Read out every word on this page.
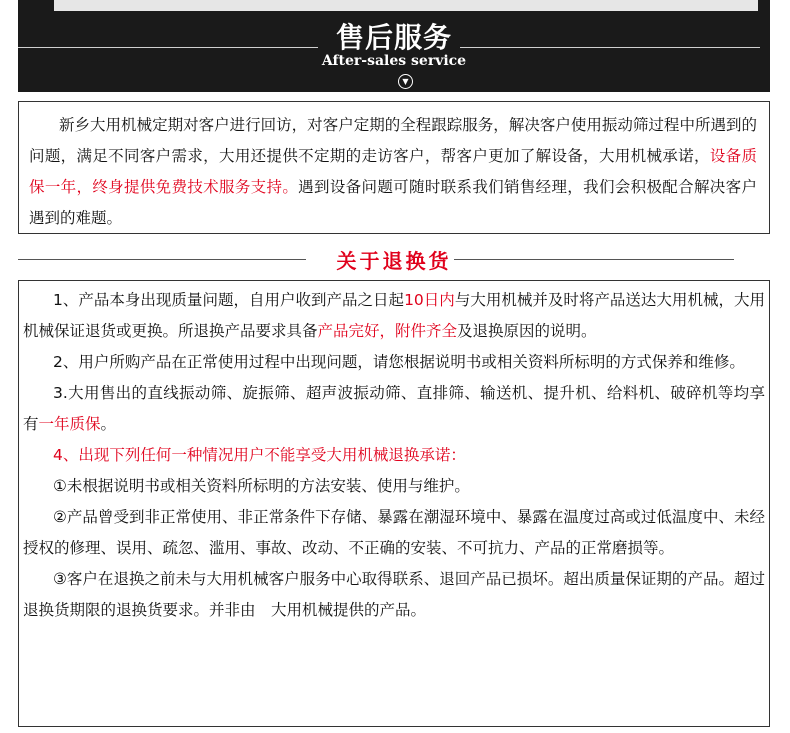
售后服务
After-sales service
▼

新乡大用机械定期对客户进行回访，对客户定期的全程跟踪服务，解决客户使用振动筛过程中所遇到的问题，满足不同客户需求，大用还提供不定期的走访客户，帮客户更加了解设备，大用机械承诺，设备质保一年，终身提供免费技术服务支持。遇到设备问题可随时联系我们销售经理，我们会积极配合解决客户遇到的难题。

关于退换货

1、产品本身出现质量问题，自用户收到产品之日起10日内与大用机械并及时将产品送达大用机械，大用机械保证退货或更换。所退换产品要求具备产品完好，附件齐全及退换原因的说明。

2、用户所购产品在正常使用过程中出现问题，请您根据说明书或相关资料所标明的方式保养和维修。

3.大用售出的直线振动筛、旋振筛、超声波振动筛、直排筛、输送机、提升机、给料机、破碎机等均享有一年质保。

4、出现下列任何一种情况用户不能享受大用机械退换承诺：

①未根据说明书或相关资料所标明的方法安装、使用与维护。

②产品曾受到非正常使用、非正常条件下存储、暴露在潮湿环境中、暴露在温度过高或过低温度中、未经授权的修理、误用、疏忽、滥用、事故、改动、不正确的安装、不可抗力、产品的正常磨损等。

③客户在退换之前未与大用机械客户服务中心取得联系、退回产品已损坏。超出质量保证期的产品。超过退换货期限的退换货要求。并非由　大用机械提供的产品。
